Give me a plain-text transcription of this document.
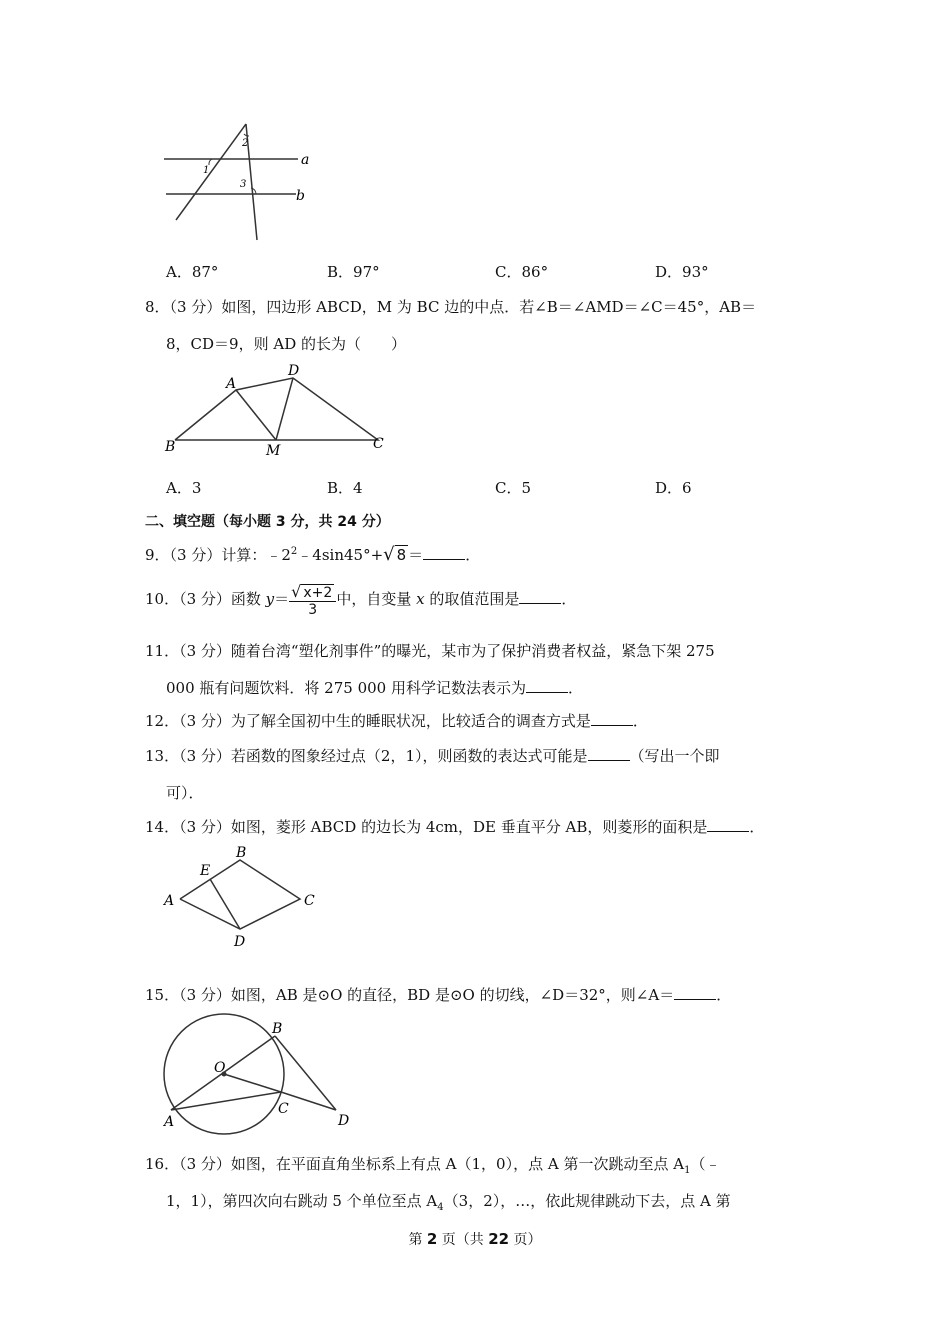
a
b
1
2
3
A．87°	B．97°	C．86°	D．93°
8．（3 分）如图，四边形 ABCD，M 为 BC 边的中点．若∠B＝∠AMD＝∠C＝45°，AB＝
8，CD＝9，则 AD 的长为（　　）
A
D
B	M	C
A．3	B．4	C．5	D．6
二、填空题（每小题 3 分，共 24 分）
9．（3 分）计算：$﹣2^2﹣4\sin 45^\circ+√$ 8 ＝	．
10．（3 分）函数 $y= \frac{√ x+2}{3}$ 中，自变量 x 的取值范围是	．
11．（3 分）随着台湾“塑化剂事件”的曝光，某市为了保护消费者权益，紧急下架 275
000 瓶有问题饮料．将 275 000 用科学记数法表示为	．
12．（3 分）为了解全国初中生的睡眠状况，比较适合的调查方式是	．
13．（3 分）若函数的图象经过点（2，1），则函数的表达式可能是	（写出一个即
可）．
14．（3 分）如图，菱形 ABCD 的边长为 4cm，DE 垂直平分 AB，则菱形的面积是	．
B
E
A	C
D
15．（3 分）如图，AB 是⊙O 的直径，BD 是⊙O 的切线，∠D＝32°，则∠A＝	．
B
O
A
C
D
16．（3 分）如图，在平面直角坐标系上有点 A（1，0），点 A 第一次跳动至点 $A_1(﹣$
1，1），第四次向右跳动 5 个单位至点 $A_4(3$，2），…，依此规律跳动下去，点 A 第
第 2 页（共 22 页）
